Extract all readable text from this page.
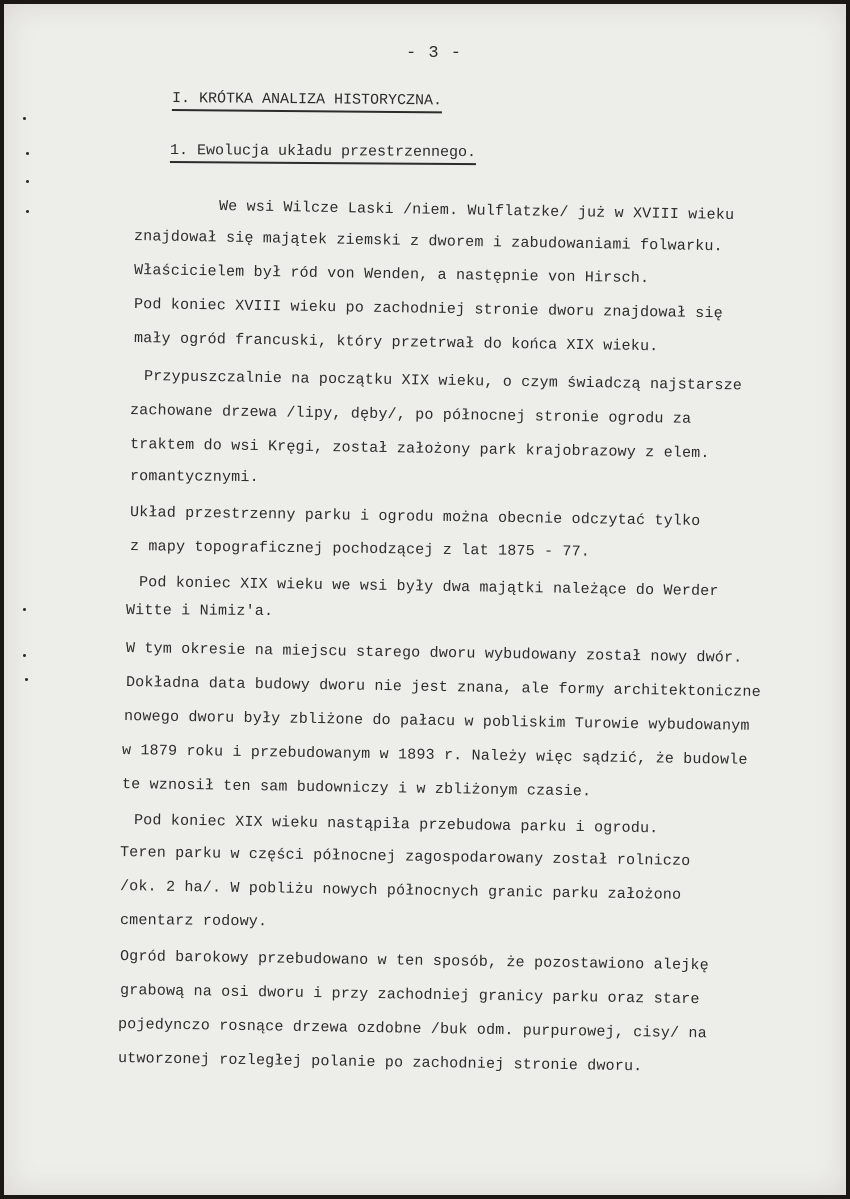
- 3 -
I. KRÓTKA ANALIZA HISTORYCZNA.
1. Ewolucja układu przestrzennego.
We wsi Wilcze Laski /niem. Wulflatzke/ już w XVIII wieku
znajdował się majątek ziemski z dworem i zabudowaniami folwarku.
Właścicielem był ród von Wenden, a następnie von Hirsch.
Pod koniec XVIII wieku po zachodniej stronie dworu znajdował się
mały ogród francuski, który przetrwał do końca XIX wieku.
Przypuszczalnie na początku XIX wieku, o czym świadczą najstarsze
zachowane drzewa /lipy, dęby/, po północnej stronie ogrodu za
traktem do wsi Kręgi, został założony park krajobrazowy z elem.
romantycznymi.
Układ przestrzenny parku i ogrodu można obecnie odczytać tylko
z mapy topograficznej pochodzącej z lat 1875 - 77.
Pod koniec XIX wieku we wsi były dwa majątki należące do Werder
Witte i Nimiz'a.
W tym okresie na miejscu starego dworu wybudowany został nowy dwór.
Dokładna data budowy dworu nie jest znana, ale formy architektoniczne
nowego dworu były zbliżone do pałacu w pobliskim Turowie wybudowanym
w 1879 roku i przebudowanym w 1893 r. Należy więc sądzić, że budowle
te wznosił ten sam budowniczy i w zbliżonym czasie.
Pod koniec XIX wieku nastąpiła przebudowa parku i ogrodu.
Teren parku w części północnej zagospodarowany został rolniczo
/ok. 2 ha/. W pobliżu nowych północnych granic parku założono
cmentarz rodowy.
Ogród barokowy przebudowano w ten sposób, że pozostawiono alejkę
grabową na osi dworu i przy zachodniej granicy parku oraz stare
pojedynczo rosnące drzewa ozdobne /buk odm. purpurowej, cisy/ na
utworzonej rozległej polanie po zachodniej stronie dworu.
